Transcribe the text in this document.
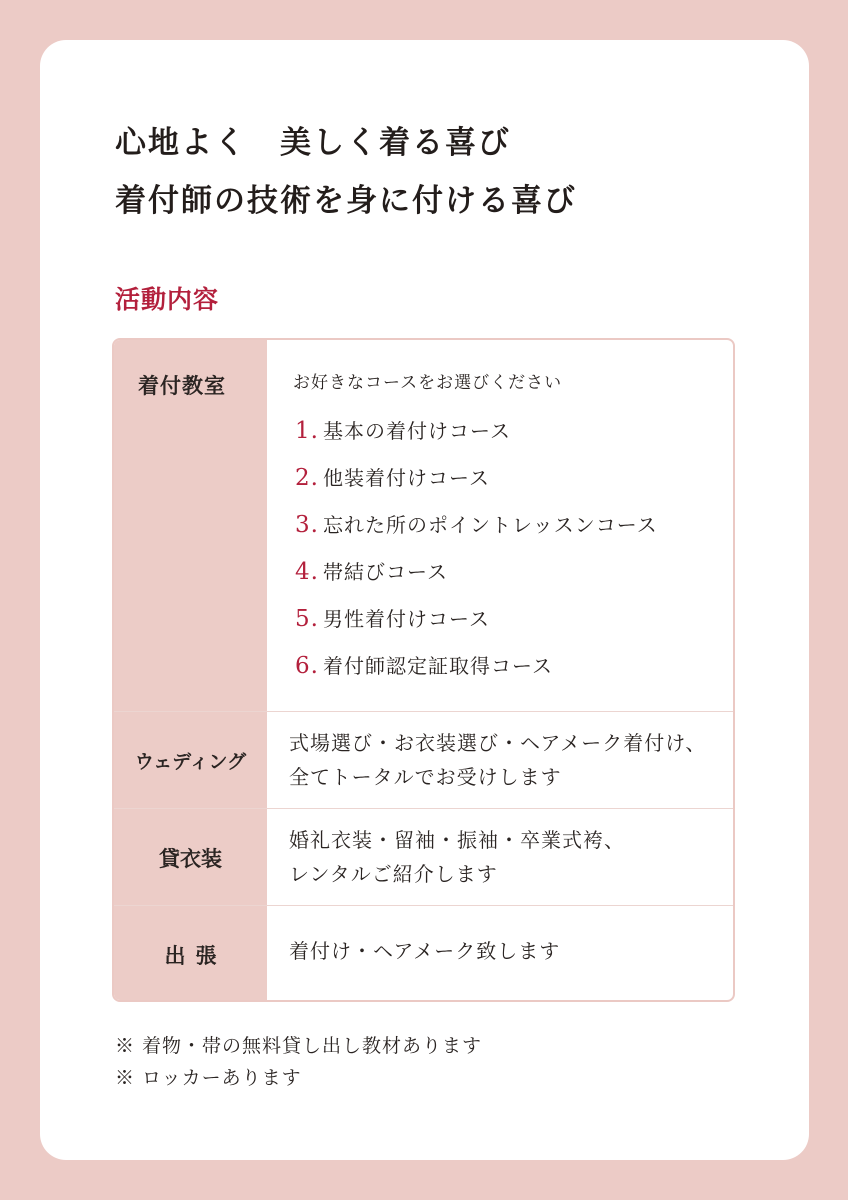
心地よく　美しく着る喜び
着付師の技術を身に付ける喜び
活動内容
着付教室	お好きなコースをお選びください
1. 基本の着付けコース
2. 他装着付けコース
3. 忘れた所のポイントレッスンコース
4. 帯結びコース
5. 男性着付けコース
6. 着付師認定証取得コース
ウェディング
式場選び・お衣装選び・ヘアメーク着付け、
全てトータルでお受けします
貸衣装
婚礼衣装・留袖・振袖・卒業式袴、
レンタルご紹介します
出張	着付け・ヘアメーク致します
※ 着物・帯の無料貸し出し教材あります
※ ロッカーあります
